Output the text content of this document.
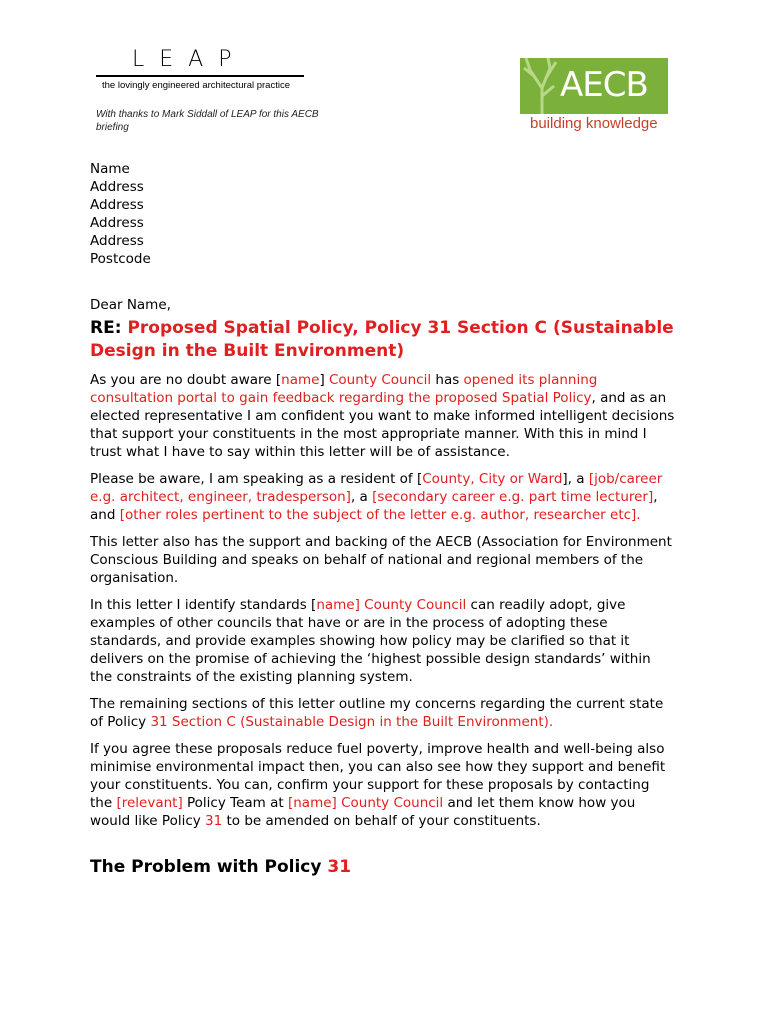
LEAP
the lovingly engineered architectural practice
With thanks to Mark Siddall of LEAP for this AECB briefing
AECB
building knowledge
Name
Address
Address
Address
Address
Postcode
Dear Name,
RE: Proposed Spatial Policy, Policy 31 Section C (Sustainable Design in the Built Environment)

As you are no doubt aware [name] County Council has opened its planning consultation portal to gain feedback regarding the proposed Spatial Policy, and as an elected representative I am confident you want to make informed intelligent decisions that support your constituents in the most appropriate manner. With this in mind I trust what I have to say within this letter will be of assistance.

Please be aware, I am speaking as a resident of [County, City or Ward], a [job/career e.g. architect, engineer, tradesperson], a [secondary career e.g. part time lecturer], and [other roles pertinent to the subject of the letter e.g. author, researcher etc].

This letter also has the support and backing of the AECB (Association for Environment Conscious Building and speaks on behalf of national and regional members of the organisation.

In this letter I identify standards [name] County Council can readily adopt, give examples of other councils that have or are in the process of adopting these standards, and provide examples showing how policy may be clarified so that it delivers on the promise of achieving the ‘highest possible design standards’ within the constraints of the existing planning system.

The remaining sections of this letter outline my concerns regarding the current state of Policy 31 Section C (Sustainable Design in the Built Environment).

If you agree these proposals reduce fuel poverty, improve health and well-being also minimise environmental impact then, you can also see how they support and benefit your constituents. You can, confirm your support for these proposals by contacting the [relevant] Policy Team at [name] County Council and let them know how you would like Policy 31 to be amended on behalf of your constituents.

The Problem with Policy 31
